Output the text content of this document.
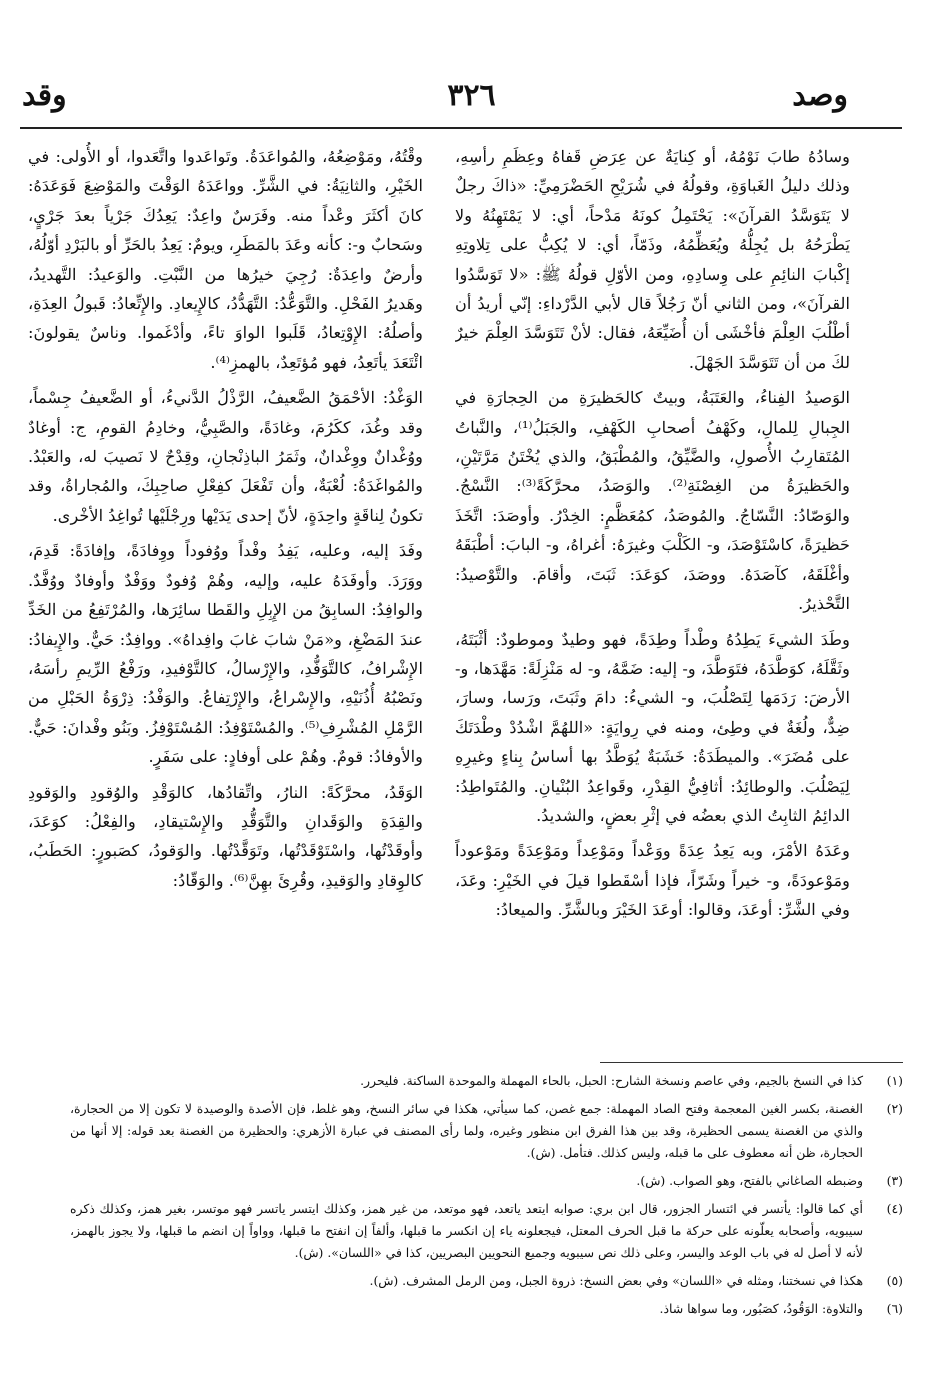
وصد
٣٢٦
وقد

وسادُهُ طابَ نَوْمُهُ، أو كِنايَةٌ عن عِرَضِ قَفاهُ وعِظَمِ رأسِهِ، وذلك دليلُ الغَباوَةِ، وقولُهُ في شُرَيْحِ الحَضْرَمِيِّ: «ذاكَ رجلٌ لا يَتَوَسَّدُ القرآنَ»: يَحْتَمِلُ كونَهُ مَدْحاً، أي: لا يَمْتَهِنُهُ ولا يَطْرَحُهُ بل يُجِلُّهُ ويُعَظِّمُهُ، وذَمّاً، أي: لا يُكِبُّ على تِلاوتِهِ إكْبابَ النائِمِ على وِسادِهِ، ومن الأوّلِ قولُهُ ﷺ: «لا تَوَسَّدُوا القرآنَ»، ومن الثاني أنّ رَجُلاً قال لأبي الدَّرْداءِ: إنّي أريدُ أن أطْلُبَ العِلْمَ فأخْشَى أن أُضَيِّعَهُ، فقال: لأنْ تَتَوَسَّدَ العِلْمَ خيرٌ لكَ من أن تَتَوَسَّدَ الجَهْلَ.

الوَصيدُ الفِناءُ، والعَتَبَةُ، وبيتٌ كالحَظيرَةِ من الحِجارَةِ في الجِبالِ لِلمالِ، وكَهْفُ أصحابِ الكَهْفِ، والجَبَلُ⁽¹⁾، والنَّباتُ المُتَقارِبُ الأُصولِ، والضَّيِّقُ، والمُطْبَقُ، والذي يُخْتَنُ مَرَّتَيْنِ، والحَظيرَةُ من الغِصْنَةِ⁽²⁾. والوَصَدُ، محرَّكَةً⁽³⁾: النَّسْجُ. والوَصّادُ: النَّسّاجُ. والمُوصَدُ، كمُعَظَّمٍ: الخِدْرُ. وأوصَدَ: اتَّخَذَ حَظيرَةً، كاسْتَوْصَدَ، و- الكَلْبَ وغيرَهُ: أغراهُ، و- البابَ: أطْبَقَهُ وأغْلَقَهُ، كآصَدَهُ. ووصَدَ، كوَعَدَ: ثَبَتَ، وأقامَ. والتَّوْصيدُ: التَّحْذيرُ.

وطَدَ الشيءَ يَطِدُهُ وطْداً وطِدَةً، فهو وطيدٌ وموطودٌ: أثْبَتَهُ، وثَقَّلَهُ، كوَطَّدَهُ، فتَوَطَّدَ، و- إليه: ضَمَّهُ، و- له مَنْزِلَةً: مَهَّدَها، و- الأرضَ: رَدَمَها لِتَصْلُبَ، و- الشيءُ: دامَ وثَبَتَ، ورَسا، وسارَ، ضِدٌّ، ولُغَةٌ في وطِئ، ومنه في رِوايَةٍ: «اللهُمَّ اشْدُدْ وطْدَتَكَ على مُضَرَ». والميطَدَةُ: خَشَبَةٌ يُوَطَّدُ بها أساسُ بِناءٍ وغيرِهِ لِيَصْلُبَ. والوطائِدُ: أثافِيُّ القِدْرِ، وقَواعِدُ البُنْيانِ. والمُتَواطِدُ: الدائِمُ الثابِتُ الذي بعضُه في إثْرِ بعضٍ، والشديدُ.

وعَدَهُ الأمْرَ، وبه يَعِدُ عِدَةً ووَعْداً ومَوْعِداً ومَوْعِدَةً ومَوْعوداً ومَوْعودَةً، و- خيراً وشَرّاً، فإذا أسْقَطوا قيلَ في الخَيْرِ: وعَدَ، وفي الشَّرِّ: أوعَدَ، وقالوا: أوعَدَ الخَيْرَ وبالشَّرِّ. والميعادُ:

وقْتُهُ، ومَوْضِعُهُ، والمُواعَدَةُ. وتَواعَدوا واتَّعَدوا، أو الأُولى: في الخَيْرِ، والثانِيَةُ: في الشَّرِّ. وواعَدَهُ الوَقْتَ والمَوْضِعَ فَوَعَدَهُ: كانَ أكثَرَ وعْداً منه. وفَرَسٌ واعِدٌ: يَعِدُكَ جَرْياً بعدَ جَرْيٍ، وسَحابٌ و-: كأنه وعَدَ بالمَطَرِ، ويومٌ: يَعِدُ بالحَرِّ أو بالبَرْدِ أوّلُهُ، وأرضٌ واعِدَةٌ: رُجِيَ خيرُها من النَّبْتِ. والوَعيدُ: التَّهديدُ، وهَديرُ الفَحْلِ. والتَّوَعُّدُ: التَّهَدُّدُ، كالإِيعادِ. والإِتِّعادُ: قَبولُ العِدَةِ، وأصلُهُ: الإِوْتِعادُ، قَلَبوا الواوَ تاءً، وأدْغَموا. وناسٌ يقولونَ: ائْتَعَدَ يأتَعِدُ، فهو مُؤتَعِدٌ، بالهمزِ⁽⁴⁾.

الوَغْدُ: الأحْمَقُ الضَّعيفُ، الرَّذْلُ الدَّنيءُ، أو الضَّعيفُ جِسْماً، وقد وغُدَ، ككَرُمَ، وغادَةً، والصَّبِيُّ، وخادِمُ القومِ، ج: أوغادٌ ووُغْدانٌ ووِغْدانٌ، وثَمَرُ الباذِنْجانِ، وقِدْحٌ لا نَصيبَ له، والعَبْدُ. والمُواغَدَةُ: لُعْبَةٌ، وأن تَفْعَلَ كفِعْلِ صاحِبِكَ، والمُجاراةُ، وقد تكونُ لِناقَةٍ واحِدَةٍ، لأنّ إحدى يَدَيْها ورِجْلَيْها تُواغِدُ الأخْرى.

وفَدَ إليه، وعليه، يَفِدُ وفْداً ووُفوداً ووِفادَةً، وإفادَةً: قَدِمَ، ووَرَدَ. وأوفَدَهُ عليه، وإليه، وهُمْ وُفودٌ ووَفْدٌ وأوفادٌ ووُفَّدٌ. والوافِدُ: السابِقُ من الإِبِلِ والقَطا سائِرَها، والمُرْتَفِعُ من الخَدِّ عندَ المَضْغِ، و«مَنْ شابَ غابَ وافِداهُ». ووافِدٌ: حَيٌّ. والإِيفادُ: الإِشْرافُ، كالتَّوَفُّدِ، والإِرْسالُ، كالتَّوْفيدِ، ورَفْعُ الرِّيمِ رأسَهُ، ونَصْبُهُ أُذُنَيْهِ، والإِسْراعُ، والإِرْتِفاعُ. والوَفْدُ: ذِرْوَةُ الحَبْلِ من الرَّمْلِ المُشْرِفِ⁽⁵⁾. والمُسْتَوْفِدُ: المُسْتَوْفِزُ. وبَنُو وفْدانَ: حَيٌّ. والأوفادُ: قومٌ. وهُمْ على أوفادٍ: على سَفَرٍ.

الوَقَدُ، محرَّكَةً: النارُ، واتِّقادُها، كالوَقْدِ والوُقودِ والوَقودِ والقِدَةِ والوَقَدانِ والتَّوَقُّدِ والإِسْتيقادِ، والفِعْلُ: كوَعَدَ، وأوقَدْتُها، واسْتَوْقَدْتُها، وتَوَقَّدْتُها. والوَقودُ، كصَبورٍ: الحَطَبُ، كالوِقادِ والوَقيدِ، وقُرِئَ بهِنَّ⁽⁶⁾. والوَقّادُ:

(١)
كذا في النسخ بالجيم، وفي عاصم ونسخة الشارح: الحبل، بالحاء المهملة والموحدة الساكنة. فليحرر.
(٢)
الغصنة، بكسر الغين المعجمة وفتح الصاد المهملة: جمع غصن، كما سيأتي، هكذا في سائر النسخ، وهو غلط، فإن الأصدة والوصيدة لا تكون إلا من الحجارة، والذي من الغصنة يسمى الحظيرة، وقد بين هذا الفرق ابن منظور وغيره، ولما رأى المصنف في عبارة الأزهري: والحظيرة من الغصنة بعد قوله: إلا أنها من الحجارة، ظن أنه معطوف على ما قبله، وليس كذلك. فتأمل. (ش).
(٣)
وضبطه الصاغاني بالفتح، وهو الصواب. (ش).
(٤)
أي كما قالوا: يأتسر في ائتسار الجزور، قال ابن بري: صوابه ايتعد ياتعد، فهو موتعد، من غير همز، وكذلك ايتسر ياتسر فهو موتسر، بغير همز، وكذلك ذكره سيبويه، وأصحابه يعلّونه على حركة ما قبل الحرف المعتل، فيجعلونه ياء إن انكسر ما قبلها، وألفاً إن انفتح ما قبلها، وواواً إن انضم ما قبلها، ولا يجوز بالهمز، لأنه لا أصل له في باب الوعد واليسر، وعلى ذلك نص سيبويه وجميع النحويين البصريين، كذا في «اللسان». (ش).
(٥)
هكذا في نسختنا، ومثله في «اللسان» وفي بعض النسخ: ذروة الجبل، ومن الرمل المشرف. (ش).
(٦)
والتلاوة: الوَقُودُ، كصَبُور، وما سواها شاذ.
